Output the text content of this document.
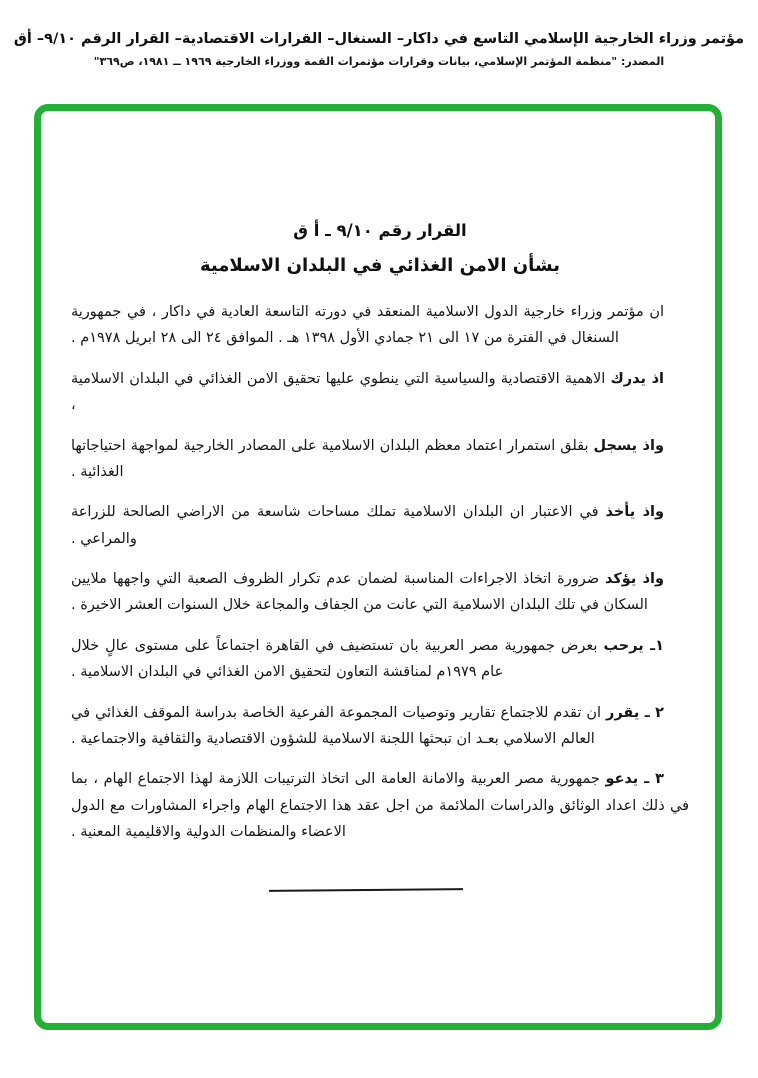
مؤتمر وزراء الخارجية الإسلامي التاسع في داكار– السنغال– القرارات الاقتصادية– القرار الرقم ٩/١٠– أق
المصدر: "منظمة المؤتمر الإسلامي، بيانات وقرارات مؤتمرات القمة ووزراء الخارجية ١٩٦٩ ــ ١٩٨١، ص٣٦٩"
القرار رقم ٩/١٠ ـ أ ق
بشأن الامن الغذائي في البلدان الاسلامية

ان مؤتمر وزراء خارجية الدول الاسلامية المنعقد في دورته التاسعة العادية في داكار ، في جمهورية السنغال في الفترة من ١٧ الى ٢١ جمادي الأول ١٣٩٨ هـ . الموافق ٢٤ الى ٢٨ ابريل ١٩٧٨م .

اذ يدرك الاهمية الاقتصادية والسياسية التي ينطوي عليها تحقيق الامن الغذائي في البلدان الاسلامية ،

واذ يسجل بقلق استمرار اعتماد معظم البلدان الاسلامية على المصادر الخارجية لمواجهة احتياجاتها الغذائية .

واذ يأخذ في الاعتبار ان البلدان الاسلامية تملك مساحات شاسعة من الاراضي الصالحة للزراعة والمراعي .

واذ يؤكد ضرورة اتخاذ الاجراءات المناسبة لضمان عدم تكرار الظروف الصعبة التي واجهها ملايين السكان في تلك البلدان الاسلامية التي عانت من الجفاف والمجاعة خلال السنوات العشر الاخيرة .

١ـ يرحب بعرض جمهورية مصر العربية بان تستضيف في القاهرة اجتماعاً على مستوى عالٍ خلال عام ١٩٧٩م لمناقشة التعاون لتحقيق الامن الغذائي في البلدان الاسلامية .

٢ ـ يقرر ان تقدم للاجتماع تقارير وتوصيات المجموعة الفرعية الخاصة بدراسة الموقف الغذائي في العالم الاسلامي بعـد ان تبحثها اللجنة الاسلامية للشؤون الاقتصادية والثقافية والاجتماعية .

٣ ـ يدعو جمهورية مصر العربية والامانة العامة الى اتخاذ الترتيبات اللازمة لهذا الاجتماع الهام ، بما في ذلك اعداد الوثائق والدراسات الملائمة من اجل عقد هذا الاجتماع الهام واجراء المشاورات مع الدول الاعضاء والمنظمات الدولية والاقليمية المعنية .
